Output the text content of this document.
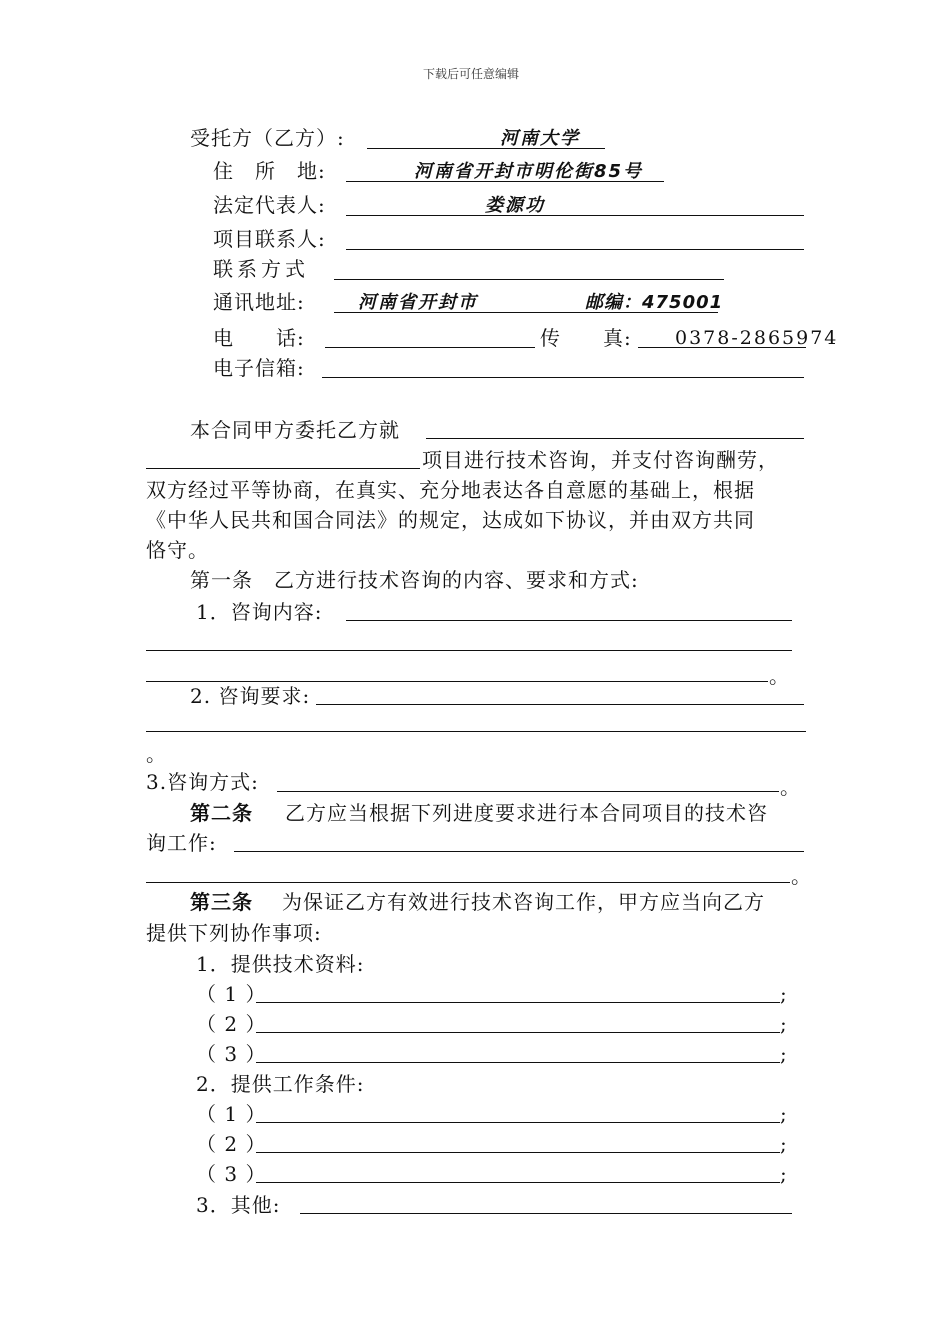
下载后可任意编辑
受托方（乙方）:	河南大学
住　所　地:	河南省开封市明伦街85号
法定代表人:	娄源功
项目联系人:
联系方式
通讯地址:	河南省开封市	邮编：475001
电　　话:	传　　真: 0378-2865974
电子信箱:
本合同甲方委托乙方就
项目进行技术咨询，并支付咨询酬劳，
双方经过平等协商，在真实、充分地表达各自意愿的基础上，根据
《中华人民共和国合同法》的规定，达成如下协议，并由双方共同
恪守。
第一条　乙方进行技术咨询的内容、要求和方式:
1．咨询内容:
。
2. 咨询要求:
。
3.咨询方式:	。
第二条 乙方应当根据下列进度要求进行本合同项目的技术咨
询工作:
。
第三条 为保证乙方有效进行技术咨询工作，甲方应当向乙方
提供下列协作事项:
1．提供技术资料:
（ 1 ）	;
（ 2 ）	;
（ 3 ）	;
2．提供工作条件:
（ 1 ）	;
（ 2 ）	;
（ 3 ）	;
3．其他:
